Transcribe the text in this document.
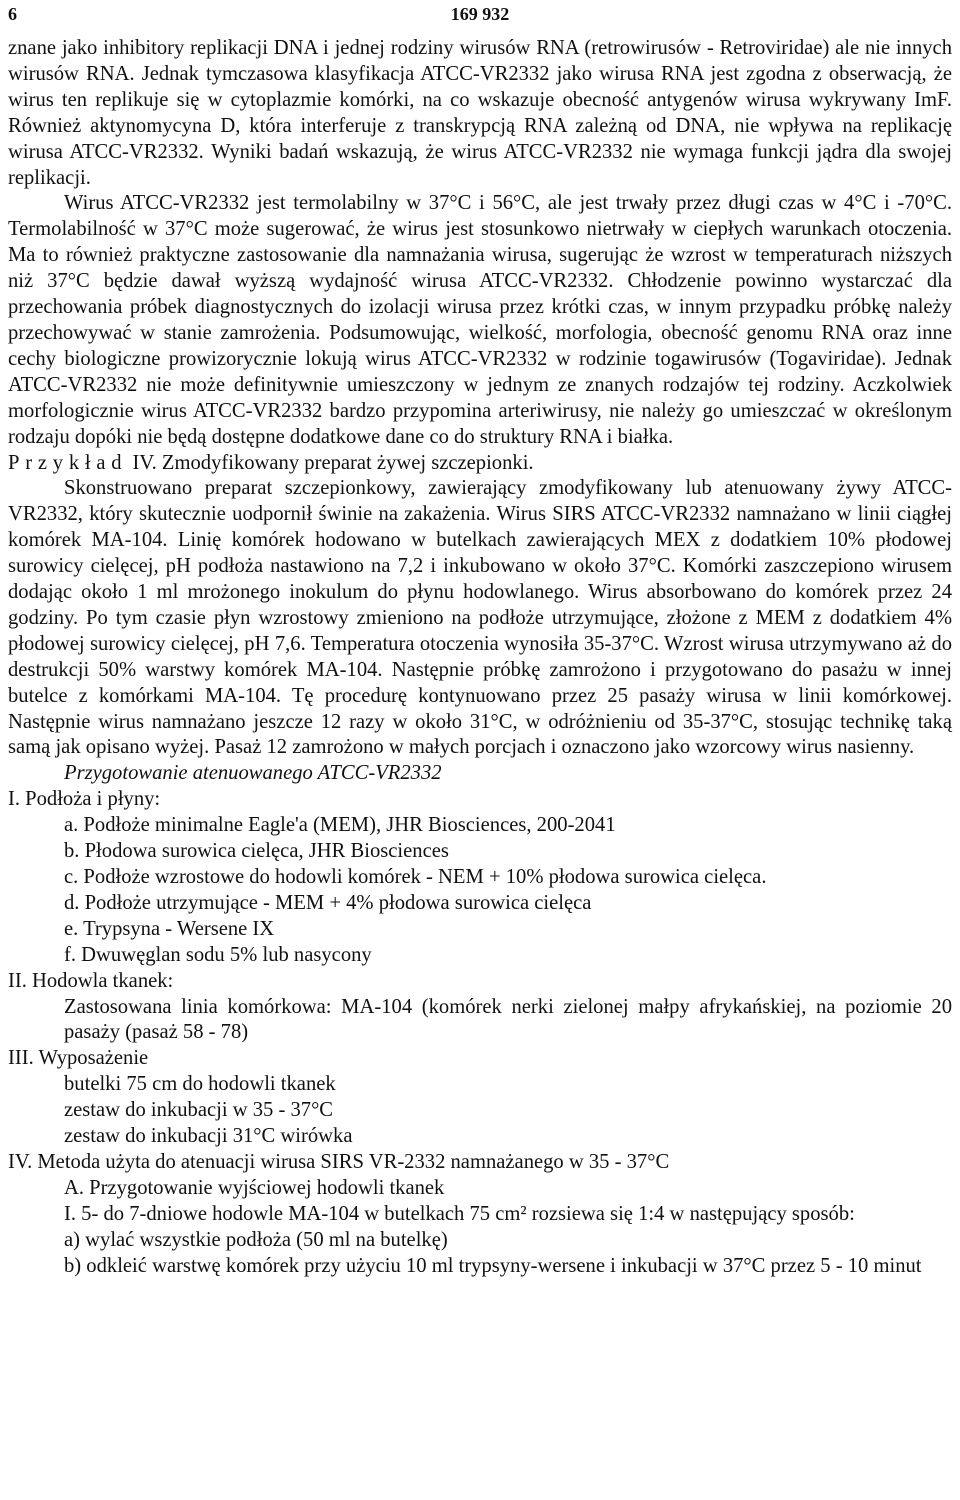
6	169 932

znane jako inhibitory replikacji DNA i jednej rodziny wirusów RNA (retrowirusów - Retroviridae) ale nie innych wirusów RNA. Jednak tymczasowa klasyfikacja ATCC-VR2332 jako wirusa RNA jest zgodna z obserwacją, że wirus ten replikuje się w cytoplazmie komórki, na co wskazuje obecność antygenów wirusa wykrywany ImF. Również aktynomycyna D, która interferuje z transkrypcją RNA zależną od DNA, nie wpływa na replikację wirusa ATCC-VR2332. Wyniki badań wskazują, że wirus ATCC-VR2332 nie wymaga funkcji jądra dla swojej replikacji.

Wirus ATCC-VR2332 jest termolabilny w 37°C i 56°C, ale jest trwały przez długi czas w 4°C i -70°C. Termolabilność w 37°C może sugerować, że wirus jest stosunkowo nietrwały w ciepłych warunkach otoczenia. Ma to również praktyczne zastosowanie dla namnażania wirusa, sugerując że wzrost w temperaturach niższych niż 37°C będzie dawał wyższą wydajność wirusa ATCC-VR2332. Chłodzenie powinno wystarczać dla przechowania próbek diagnostycznych do izolacji wirusa przez krótki czas, w innym przypadku próbkę należy przechowywać w stanie zamrożenia. Podsumowując, wielkość, morfologia, obecność genomu RNA oraz inne cechy biologiczne prowizorycznie lokują wirus ATCC-VR2332 w rodzinie togawirusów (Togaviridae). Jednak ATCC-VR2332 nie może definitywnie umieszczony w jednym ze znanych rodzajów tej rodziny. Aczkolwiek morfologicznie wirus ATCC-VR2332 bardzo przypomina arteriwirusy, nie należy go umieszczać w określonym rodzaju dopóki nie będą dostępne dodatkowe dane co do struktury RNA i białka.

Przykład IV. Zmodyfikowany preparat żywej szczepionki.

Skonstruowano preparat szczepionkowy, zawierający zmodyfikowany lub atenuowany żywy ATCC-VR2332, który skutecznie uodpornił świnie na zakażenia. Wirus SIRS ATCC-VR2332 namnażano w linii ciągłej komórek MA-104. Linię komórek hodowano w butelkach zawierających MEX z dodatkiem 10% płodowej surowicy cielęcej, pH podłoża nastawiono na 7,2 i inkubowano w około 37°C. Komórki zaszczepiono wirusem dodając około 1 ml mrożonego inokulum do płynu hodowlanego. Wirus absorbowano do komórek przez 24 godziny. Po tym czasie płyn wzrostowy zmieniono na podłoże utrzymujące, złożone z MEM z dodatkiem 4% płodowej surowicy cielęcej, pH 7,6. Temperatura otoczenia wynosiła 35-37°C. Wzrost wirusa utrzymywano aż do destrukcji 50% warstwy komórek MA-104. Następnie próbkę zamrożono i przygotowano do pasażu w innej butelce z komórkami MA-104. Tę procedurę kontynuowano przez 25 pasaży wirusa w linii komórkowej. Następnie wirus namnażano jeszcze 12 razy w około 31°C, w odróżnieniu od 35-37°C, stosując technikę taką samą jak opisano wyżej. Pasaż 12 zamrożono w małych porcjach i oznaczono jako wzorcowy wirus nasienny.

Przygotowanie atenuowanego ATCC-VR2332

I. Podłoża i płyny:

a. Podłoże minimalne Eagle'a (MEM), JHR Biosciences, 200-2041

b. Płodowa surowica cielęca, JHR Biosciences

c. Podłoże wzrostowe do hodowli komórek - NEM + 10% płodowa surowica cielęca.

d. Podłoże utrzymujące - MEM + 4% płodowa surowica cielęca

e. Trypsyna - Wersene IX

f. Dwuwęglan sodu 5% lub nasycony

II. Hodowla tkanek:

Zastosowana linia komórkowa: MA-104 (komórek nerki zielonej małpy afrykańskiej, na poziomie 20 pasaży (pasaż 58 - 78)

III. Wyposażenie

butelki 75 cm do hodowli tkanek

zestaw do inkubacji w 35 - 37°C

zestaw do inkubacji 31°C wirówka

IV. Metoda użyta do atenuacji wirusa SIRS VR-2332 namnażanego w 35 - 37°C

A. Przygotowanie wyjściowej hodowli tkanek

I. 5- do 7-dniowe hodowle MA-104 w butelkach 75 cm² rozsiewa się 1:4 w następujący sposób:

a) wylać wszystkie podłoża (50 ml na butelkę)

b) odkleić warstwę komórek przy użyciu 10 ml trypsyny-wersene i inkubacji w 37°C przez 5 - 10 minut
